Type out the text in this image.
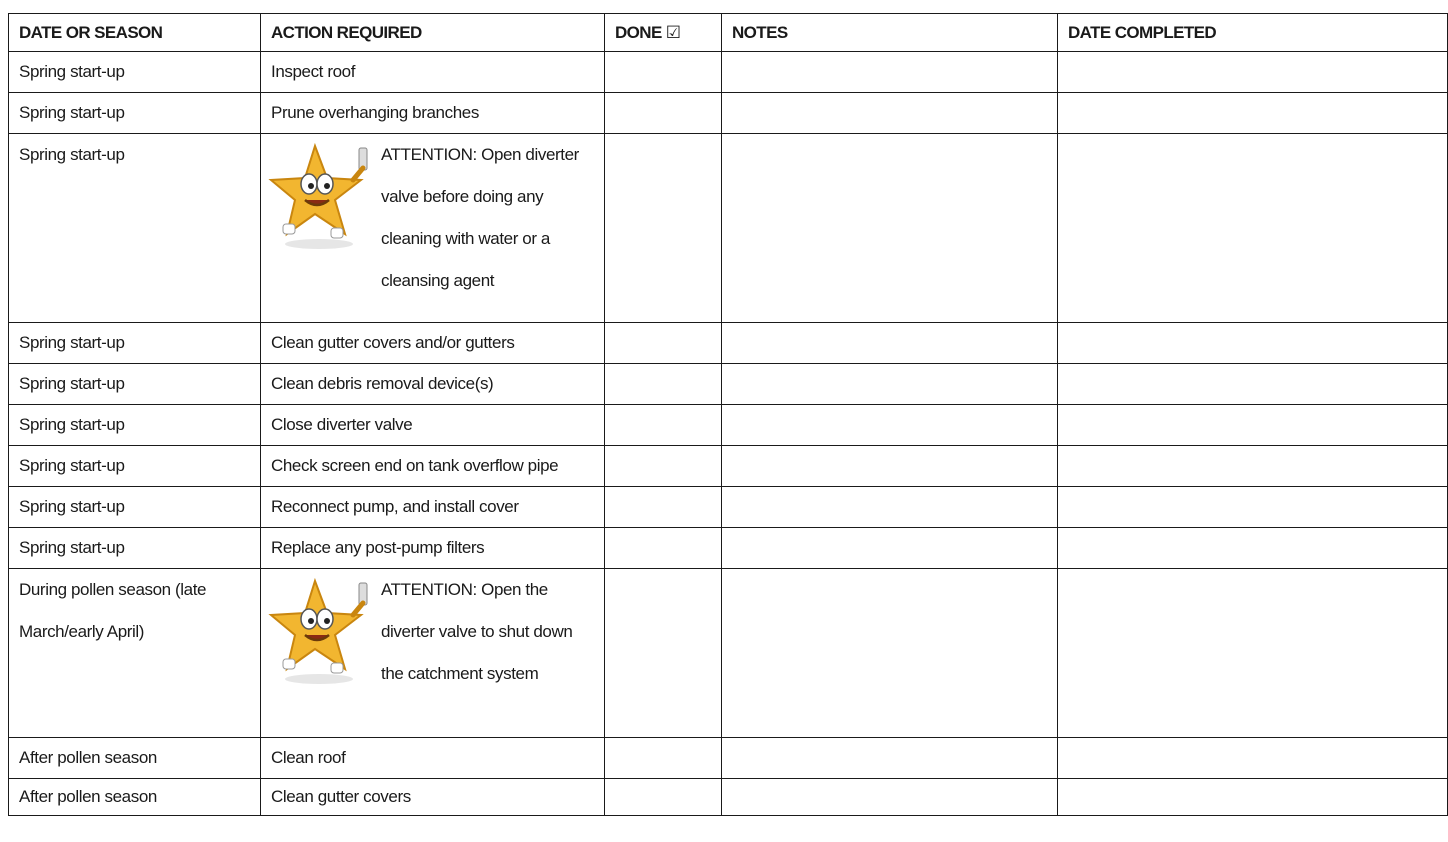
DATE OR SEASON	ACTION REQUIRED	DONE ☑	NOTES	DATE COMPLETED
Spring start-up	Inspect roof			
Spring start-up	Prune overhanging branches			
Spring start-up	ATTENTION: Open diverter valve before doing any cleaning with water or a cleansing agent			

Spring start-up	Clean gutter covers and/or gutters			
Spring start-up	Clean debris removal device(s)			
Spring start-up	Close diverter valve			
Spring start-up	Check screen end on tank overflow pipe			
Spring start-up	Reconnect pump, and install cover			
Spring start-up	Replace any post-pump filters			
During pollen season (late March/early April)	ATTENTION: Open the diverter valve to shut down the catchment system			

After pollen season	Clean roof			
After pollen season	Clean gutter covers			
